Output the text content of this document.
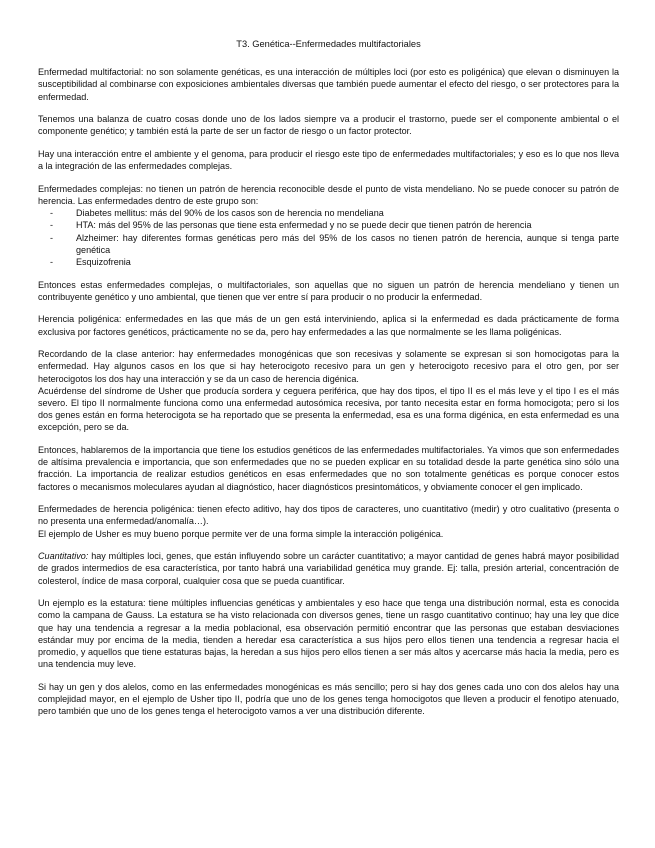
T3. Genética--Enfermedades multifactoriales

Enfermedad multifactorial: no son solamente genéticas, es una interacción de múltiples loci (por esto es poligénica) que elevan o disminuyen la susceptibilidad al combinarse con exposiciones ambientales diversas que también puede aumentar el efecto del riesgo, o ser protectores para la enfermedad.

Tenemos una balanza de cuatro cosas donde uno de los lados siempre va a producir el trastorno, puede ser el componente ambiental o el componente genético; y también está la parte de ser un factor de riesgo o un factor protector.

Hay una interacción entre el ambiente y el genoma, para producir el riesgo este tipo de enfermedades multifactoriales; y eso es lo que nos lleva a la integración de las enfermedades complejas.

Enfermedades complejas: no tienen un patrón de herencia reconocible desde el punto de vista mendeliano. No se puede conocer su patrón de herencia. Las enfermedades dentro de este grupo son:

- Diabetes mellitus: más del 90% de los casos son de herencia no mendeliana
- HTA: más del 95% de las personas que tiene esta enfermedad y no se puede decir que tienen patrón de herencia
- Alzheimer: hay diferentes formas genéticas pero más del 95% de los casos no tienen patrón de herencia, aunque si tenga parte genética
- Esquizofrenia

Entonces estas enfermedades complejas, o multifactoriales, son aquellas que no siguen un patrón de herencia mendeliano y tienen un contribuyente genético y uno ambiental, que tienen que ver entre sí para producir o no producir la enfermedad.

Herencia poligénica: enfermedades en las que más de un gen está interviniendo, aplica si la enfermedad es dada prácticamente de forma exclusiva por factores genéticos, prácticamente no se da, pero hay enfermedades a las que normalmente se les llama poligénicas.

Recordando de la clase anterior: hay enfermedades monogénicas que son recesivas y solamente se expresan si son homocigotas para la enfermedad. Hay algunos casos en los que si hay heterocigoto recesivo para un gen y heterocigoto recesivo para el otro gen, por ser heterocigotos los dos hay una interacción y se da un caso de herencia digénica.

Acuérdense del síndrome de Usher que producía sordera y ceguera periférica, que hay dos tipos, el tipo II es el más leve y el tipo I es el más severo. El tipo II normalmente funciona como una enfermedad autosómica recesiva, por tanto necesita estar en forma homocigota; pero si los dos genes están en forma heterocigota se ha reportado que se presenta la enfermedad, esa es una forma digénica, en esta enfermedad es una excepción, pero se da.

Entonces, hablaremos de la importancia que tiene los estudios genéticos de las enfermedades multifactoriales. Ya vimos que son enfermedades de altísima prevalencia e importancia, que son enfermedades que no se pueden explicar en su totalidad desde la parte genética sino sólo una fracción. La importancia de realizar estudios genéticos en esas enfermedades que no son totalmente genéticas es porque conocer estos factores o mecanismos moleculares ayudan al diagnóstico, hacer diagnósticos presintomáticos, y obviamente conocer el gen implicado.

Enfermedades de herencia poligénica: tienen efecto aditivo, hay dos tipos de caracteres, uno cuantitativo (medir) y otro cualitativo (presenta o no presenta una enfermedad/anomalía…).

El ejemplo de Usher es muy bueno porque permite ver de una forma simple la interacción poligénica.

Cuantitativo: hay múltiples loci, genes, que están influyendo sobre un carácter cuantitativo; a mayor cantidad de genes habrá mayor posibilidad de grados intermedios de esa característica, por tanto habrá una variabilidad genética muy grande. Ej: talla, presión arterial, concentración de colesterol, índice de masa corporal, cualquier cosa que se pueda cuantificar.

Un ejemplo es la estatura: tiene múltiples influencias genéticas y ambientales y eso hace que tenga una distribución normal, esta es conocida como la campana de Gauss. La estatura se ha visto relacionada con diversos genes, tiene un rasgo cuantitativo continuo; hay una ley que dice que hay una tendencia a regresar a la media poblacional, esa observación permitió encontrar que las personas que estaban desviaciones estándar muy por encima de la media, tienden a heredar esa característica a sus hijos pero ellos tienen una tendencia a regresar hacia el promedio, y aquellos que tiene estaturas bajas, la heredan a sus hijos pero ellos tienen a ser más altos y acercarse más hacia la media, pero es una tendencia muy leve.

Si hay un gen y dos alelos, como en las enfermedades monogénicas es más sencillo; pero si hay dos genes cada uno con dos alelos hay una complejidad mayor, en el ejemplo de Usher tipo II, podría que uno de los genes tenga homocigotos que lleven a producir el fenotipo atenuado, pero también que uno de los genes tenga el heterocigoto vamos a ver una distribución diferente.
